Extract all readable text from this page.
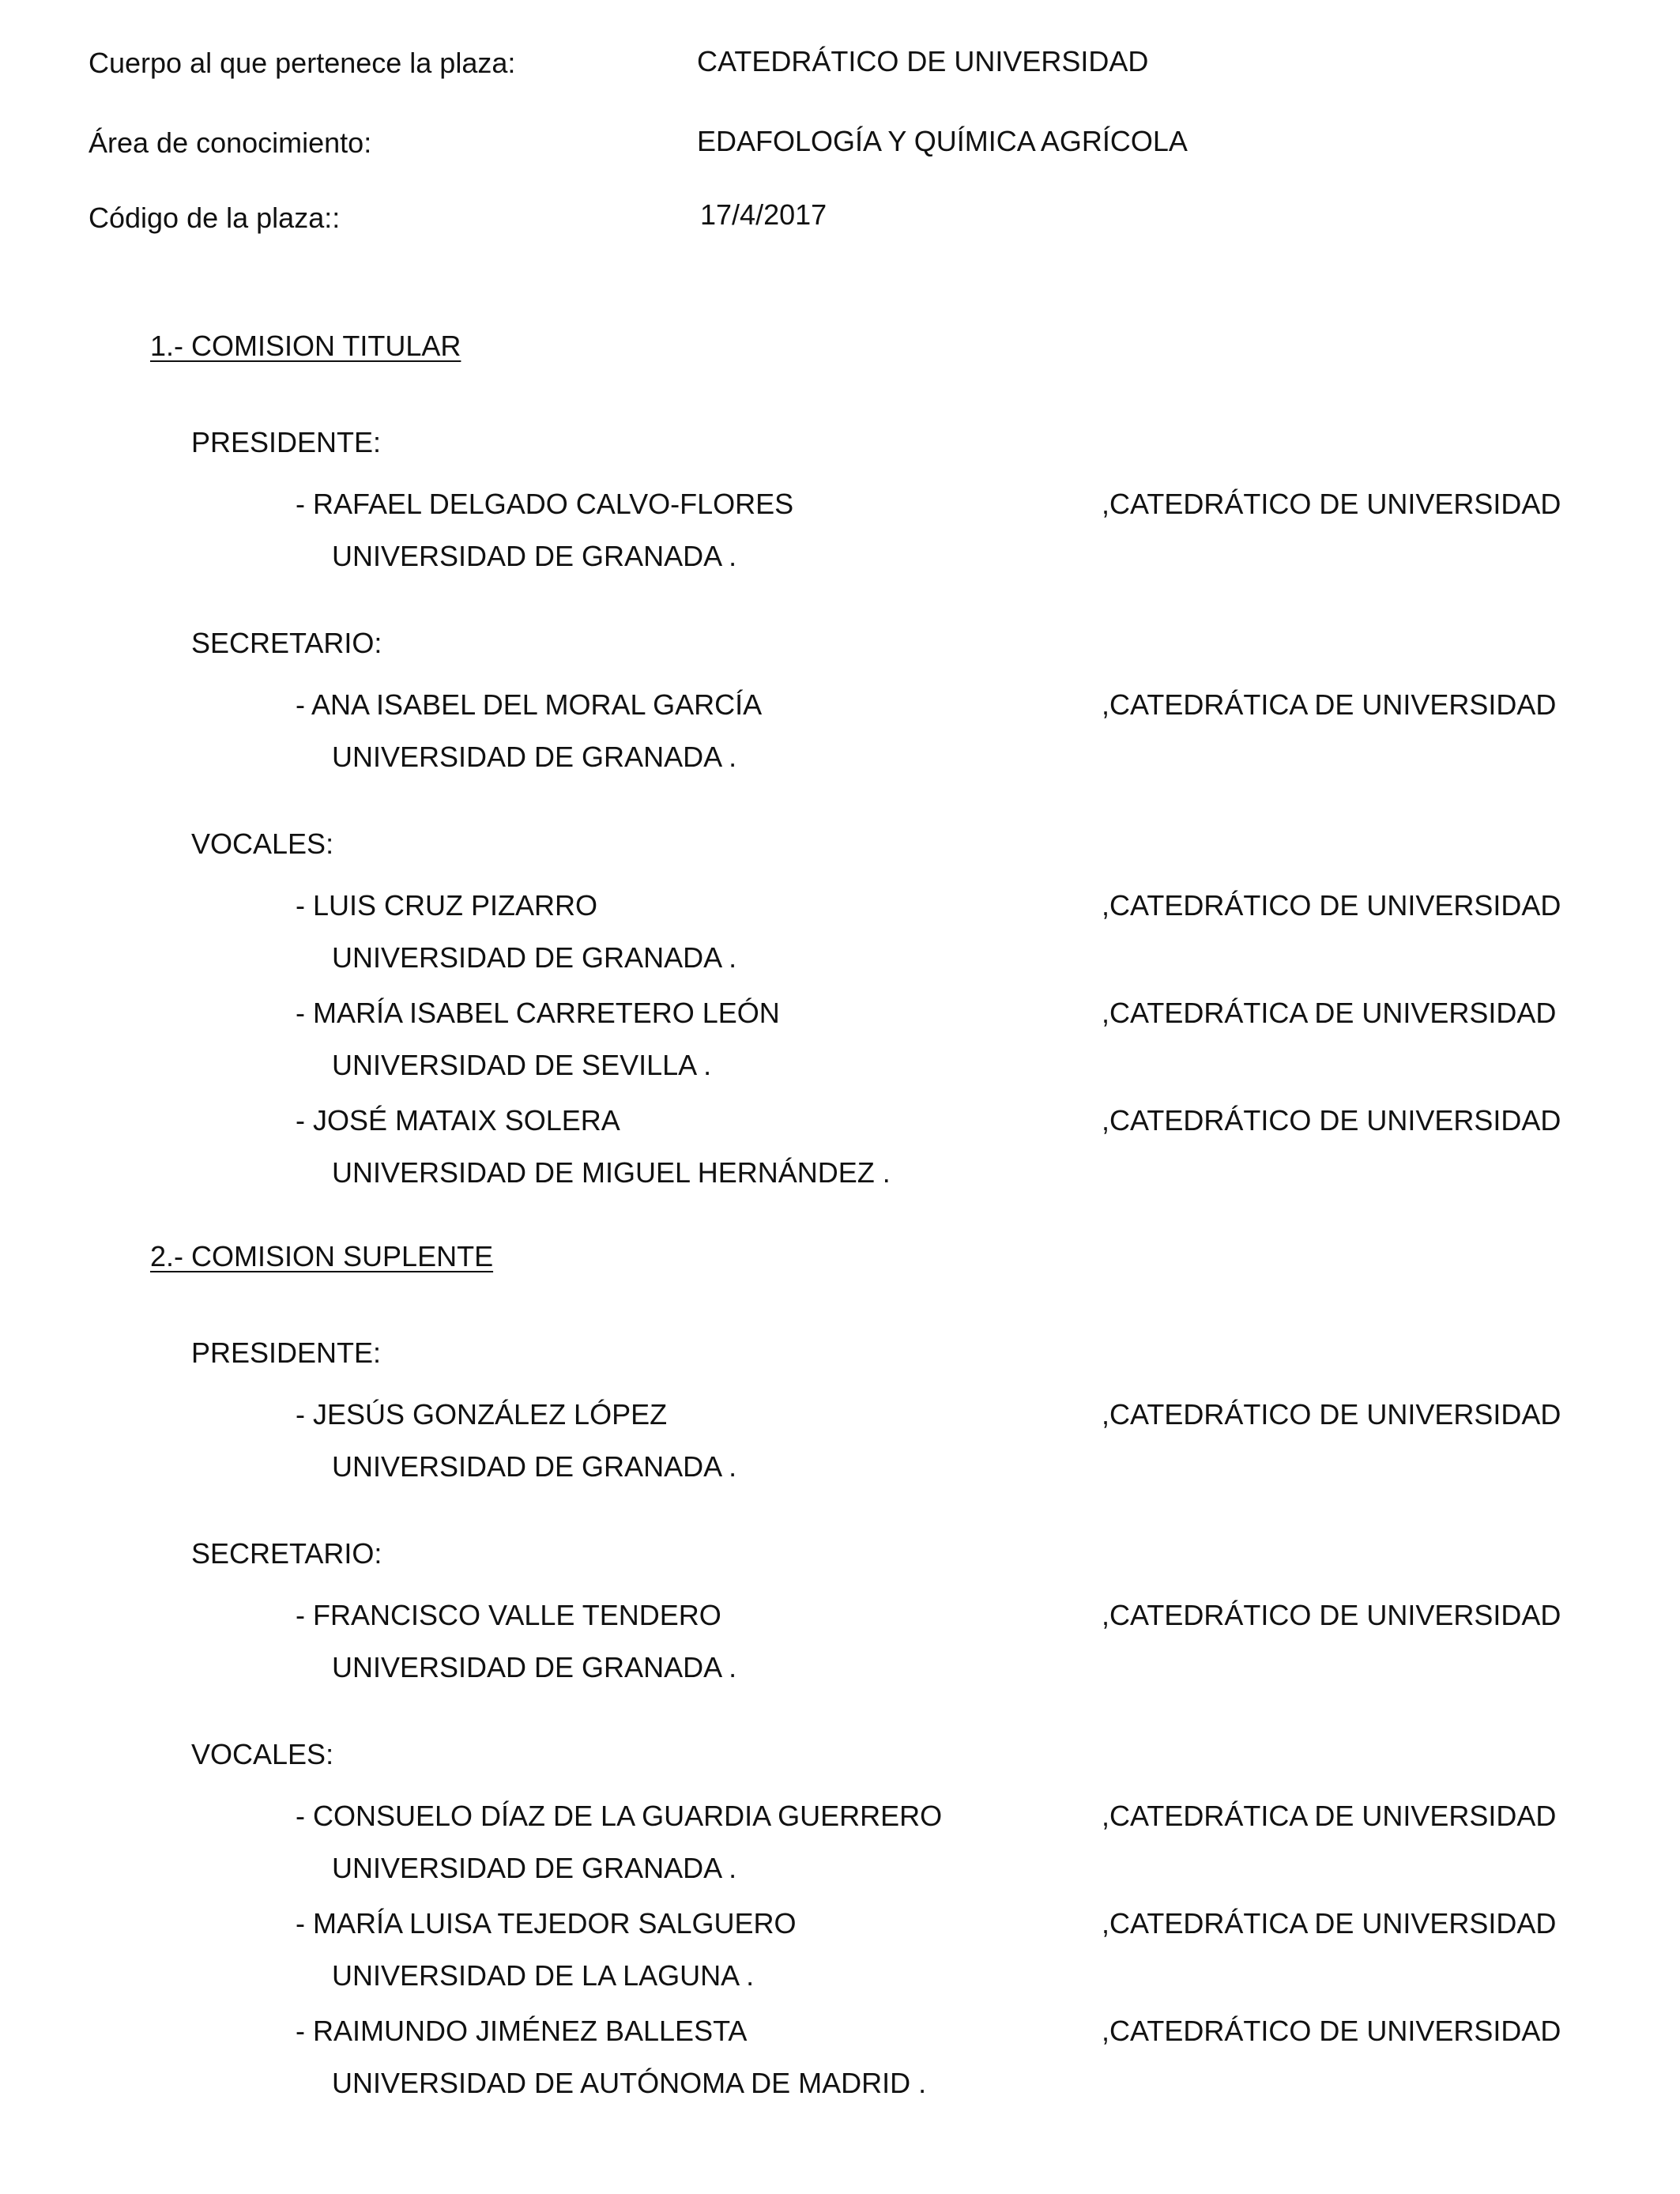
Cuerpo al que pertenece la plaza:	CATEDRÁTICO DE UNIVERSIDAD
Área de conocimiento:	EDAFOLOGÍA Y QUÍMICA AGRÍCOLA
Código de la plaza::	17/4/2017
1.- COMISION TITULAR
PRESIDENTE:
- RAFAEL DELGADO CALVO-FLORES	,CATEDRÁTICO DE UNIVERSIDAD
UNIVERSIDAD DE GRANADA .
SECRETARIO:
- ANA ISABEL DEL MORAL GARCÍA	,CATEDRÁTICA DE UNIVERSIDAD
UNIVERSIDAD DE GRANADA .
VOCALES:
- LUIS CRUZ PIZARRO	,CATEDRÁTICO DE UNIVERSIDAD
UNIVERSIDAD DE GRANADA .
- MARÍA ISABEL CARRETERO LEÓN	,CATEDRÁTICA DE UNIVERSIDAD
UNIVERSIDAD DE SEVILLA .
- JOSÉ MATAIX SOLERA	,CATEDRÁTICO DE UNIVERSIDAD
UNIVERSIDAD DE MIGUEL HERNÁNDEZ .
2.- COMISION SUPLENTE
PRESIDENTE:
- JESÚS GONZÁLEZ LÓPEZ	,CATEDRÁTICO DE UNIVERSIDAD
UNIVERSIDAD DE GRANADA .
SECRETARIO:
- FRANCISCO VALLE TENDERO	,CATEDRÁTICO DE UNIVERSIDAD
UNIVERSIDAD DE GRANADA .
VOCALES:
- CONSUELO DÍAZ DE LA GUARDIA GUERRERO	,CATEDRÁTICA DE UNIVERSIDAD
UNIVERSIDAD DE GRANADA .
- MARÍA LUISA TEJEDOR SALGUERO	,CATEDRÁTICA DE UNIVERSIDAD
UNIVERSIDAD DE LA LAGUNA .
- RAIMUNDO JIMÉNEZ BALLESTA	,CATEDRÁTICO DE UNIVERSIDAD
UNIVERSIDAD DE AUTÓNOMA DE MADRID .
